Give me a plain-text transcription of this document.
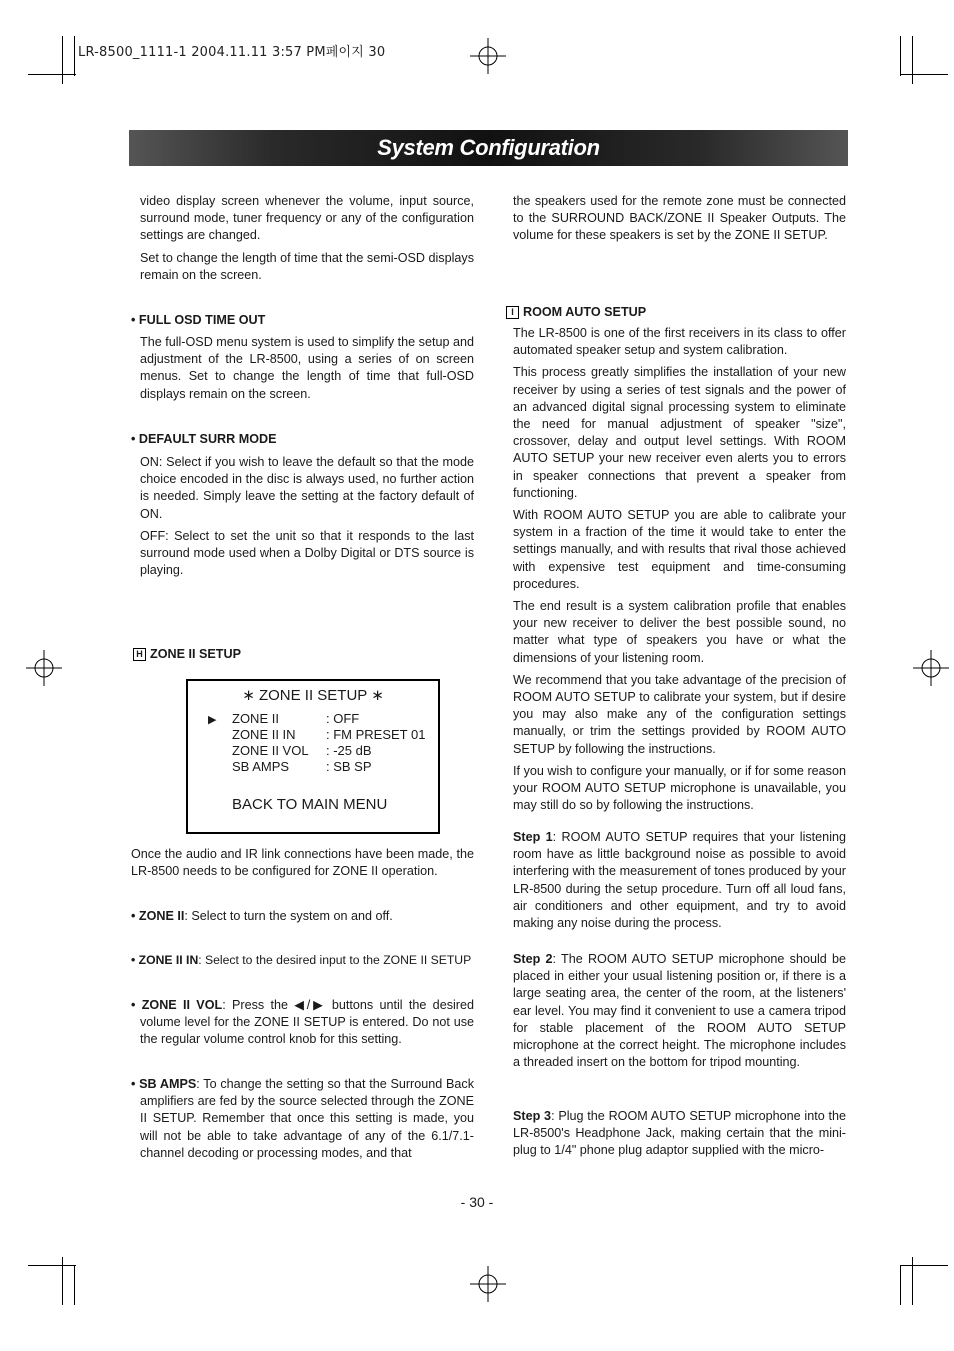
LR-8500_1111-1 2004.11.11 3:57 PM페이지 30
System Configuration

video display screen whenever the volume, input source, surround mode, tuner frequency or any of the configuration settings are changed.

Set to change the length of time that the semi-OSD displays remain on the screen.

• FULL OSD TIME OUT

The full-OSD menu system is used to simplify the setup and adjustment of the LR-8500, using a series of on screen menus. Set to change the length of time that full-OSD displays remain on the screen.

• DEFAULT SURR MODE

ON: Select if you wish to leave the default so that the mode choice encoded in the disc is always used, no further action is needed. Simply leave the setting at the factory default of ON.

OFF: Select to set the unit so that it responds to the last surround mode used when a Dolby Digital or DTS source is playing.

H ZONE II SETUP
∗ ZONE II SETUP ∗
▶ ZONE II	: OFF
ZONE II IN : FM PRESET 01
ZONE II VOL : -25 dB
SB AMPS	: SB SP
BACK TO MAIN MENU

Once the audio and IR link connections have been made, the LR-8500 needs to be configured for ZONE II operation.

• ZONE II: Select to turn the system on and off.

• ZONE II IN: Select to the desired input to the ZONE II SETUP

• ZONE II VOL: Press the ◀/▶ buttons until the desired volume level for the ZONE II SETUP is entered. Do not use the regular volume control knob for this setting.

• SB AMPS: To change the setting so that the Surround Back amplifiers are fed by the source selected through the ZONE II SETUP. Remember that once this setting is made, you will not be able to take advantage of any of the 6.1/7.1-channel decoding or processing modes, and that

the speakers used for the remote zone must be connected to the SURROUND BACK/ZONE II Speaker Outputs. The volume for these speakers is set by the ZONE II SETUP.

I ROOM AUTO SETUP

The LR-8500 is one of the first receivers in its class to offer automated speaker setup and system calibration.

This process greatly simplifies the installation of your new receiver by using a series of test signals and the power of an advanced digital signal processing system to eliminate the need for manual adjustment of speaker "size", crossover, delay and output level settings. With ROOM AUTO SETUP your new receiver even alerts you to errors in speaker connections that prevent a speaker from functioning.

With ROOM AUTO SETUP you are able to calibrate your system in a fraction of the time it would take to enter the settings manually, and with results that rival those achieved with expensive test equipment and time-consuming procedures.

The end result is a system calibration profile that enables your new receiver to deliver the best possible sound, no matter what type of speakers you have or what the dimensions of your listening room.

We recommend that you take advantage of the precision of ROOM AUTO SETUP to calibrate your system, but if desire you may also make any of the configuration settings manually, or trim the settings provided by ROOM AUTO SETUP by following the instructions.

If you wish to configure your manually, or if for some reason your ROOM AUTO SETUP microphone is unavailable, you may still do so by following the instructions.

Step 1: ROOM AUTO SETUP requires that your listening room have as little background noise as possible to avoid interfering with the measurement of tones produced by your LR-8500 during the setup procedure. Turn off all loud fans, air conditioners and other equipment, and try to avoid making any noise during the process.

Step 2: The ROOM AUTO SETUP microphone should be placed in either your usual listening position or, if there is a large seating area, the center of the room, at the listeners' ear level. You may find it convenient to use a camera tripod for stable placement of the ROOM AUTO SETUP microphone at the correct height. The microphone includes a threaded insert on the bottom for tripod mounting.

Step 3: Plug the ROOM AUTO SETUP microphone into the LR-8500's Headphone Jack, making certain that the mini-plug to 1/4" phone plug adaptor supplied with the micro-

- 30 -
